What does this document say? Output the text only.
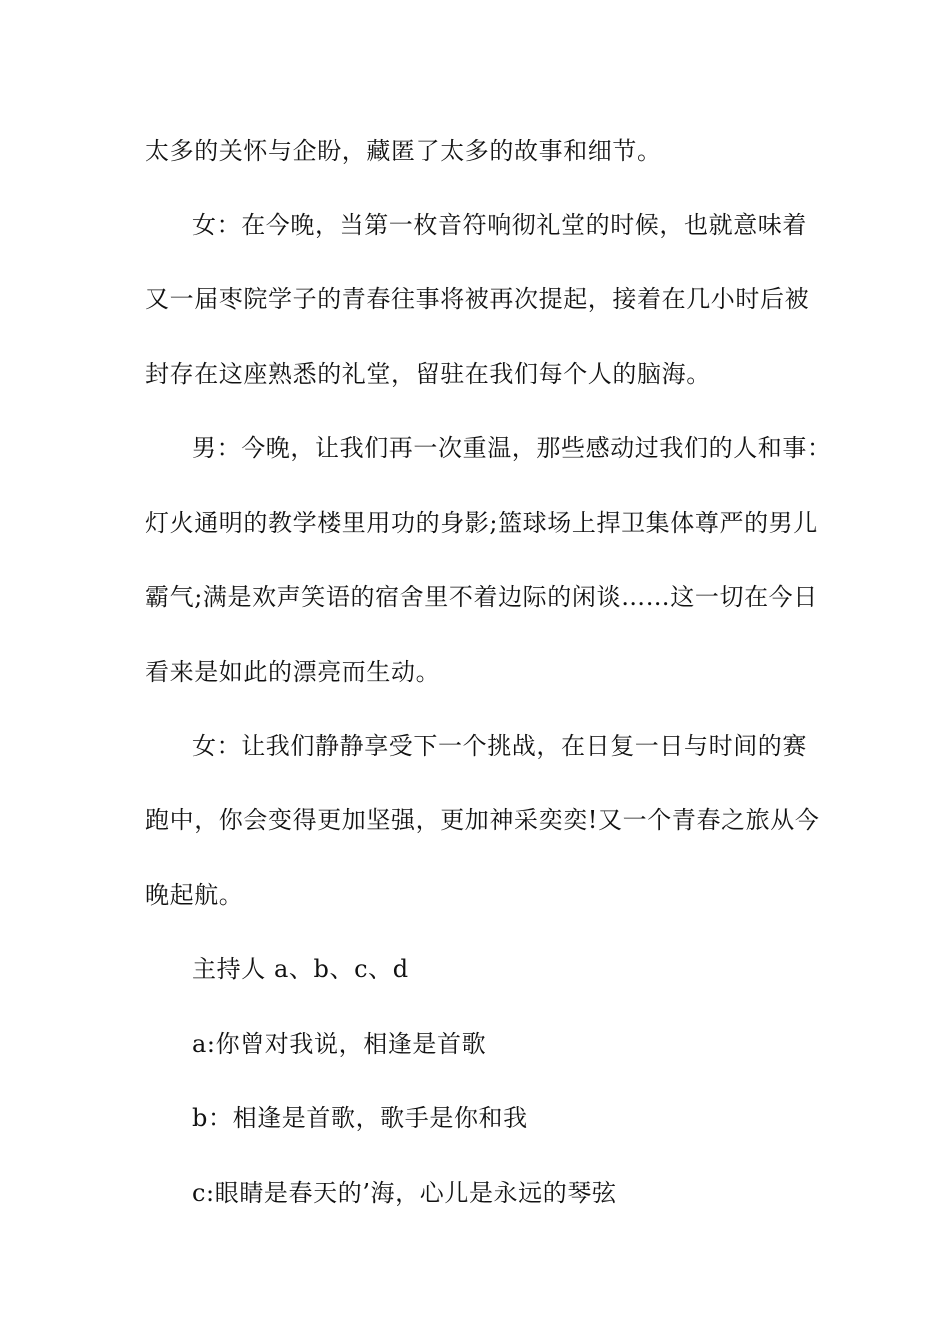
太多的关怀与企盼，藏匿了太多的故事和细节。
女：在今晚，当第一枚音符响彻礼堂的时候，也就意味着
又一届枣院学子的青春往事将被再次提起，接着在几小时后被
封存在这座熟悉的礼堂，留驻在我们每个人的脑海。
男：今晚，让我们再一次重温，那些感动过我们的人和事：
灯火通明的教学楼里用功的身影;篮球场上捍卫集体尊严的男儿
霸气;满是欢声笑语的宿舍里不着边际的闲谈……这一切在今日
看来是如此的漂亮而生动。
女：让我们静静享受下一个挑战，在日复一日与时间的赛
跑中，你会变得更加坚强，更加神采奕奕!又一个青春之旅从今
晚起航。
主持人 a、b、c、d
a:你曾对我说，相逢是首歌
b：相逢是首歌，歌手是你和我
c:眼睛是春天的’海，心儿是永远的琴弦
